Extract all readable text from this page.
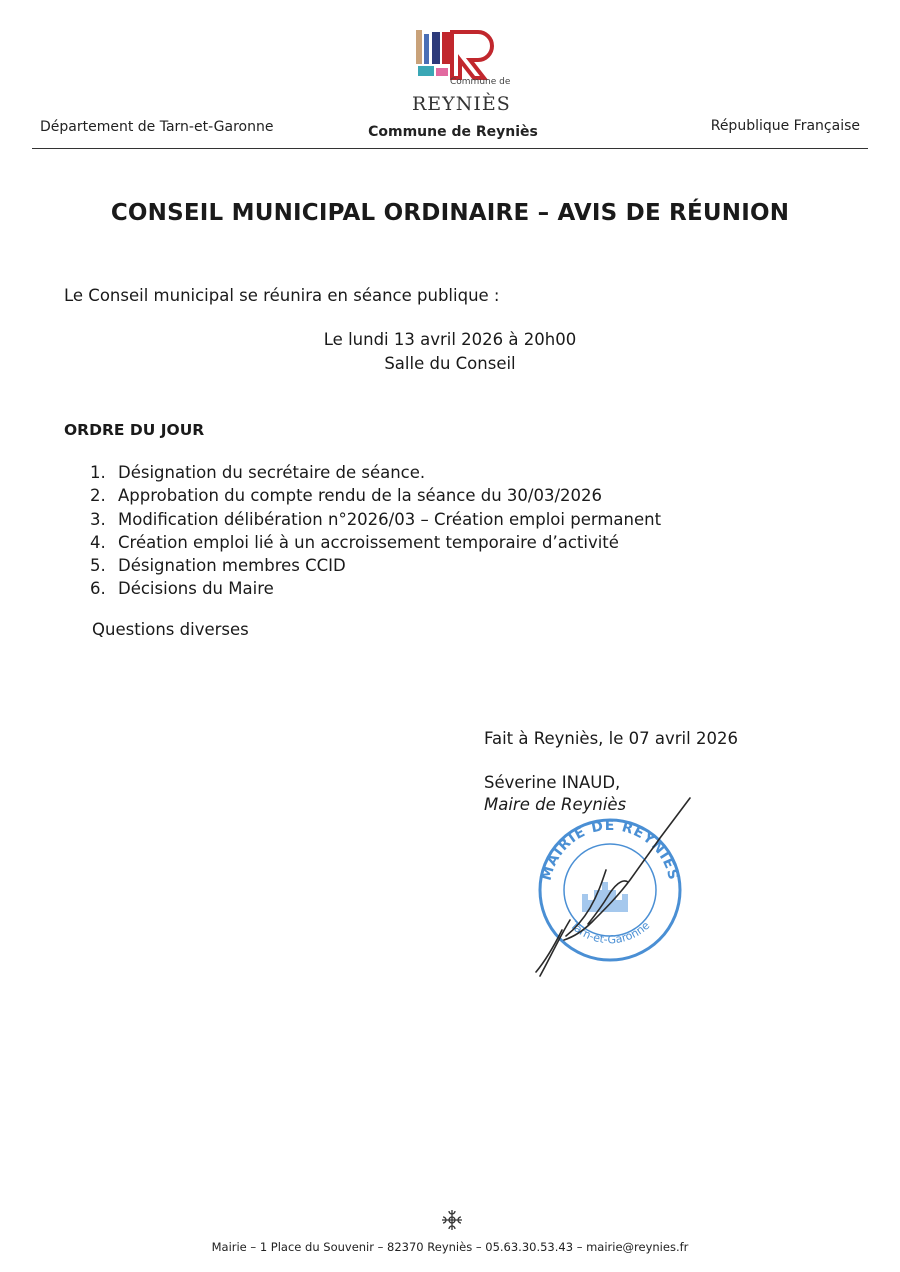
Commune de
REYNIÈS
Département de Tarn-et-Garonne	Commune de Reyniès	République Française
CONSEIL MUNICIPAL ORDINAIRE – AVIS DE RÉUNION
Le Conseil municipal se réunira en séance publique :
Le lundi 13 avril 2026 à 20h00
Salle du Conseil
ORDRE DU JOUR
1. Désignation du secrétaire de séance.
2. Approbation du compte rendu de la séance du 30/03/2026
3. Modification délibération n°2026/03 – Création emploi permanent
4. Création emploi lié à un accroissement temporaire d’activité
5. Désignation membres CCID
6. Décisions du Maire
Questions diverses
Fait à Reyniès, le 07 avril 2026
Séverine INAUD,
Maire de Reyniès
MAIRIE DE REYNIES
Tarn-et-Garonne
Mairie – 1 Place du Souvenir – 82370 Reyniès – 05.63.30.53.43 – mairie@reynies.fr
